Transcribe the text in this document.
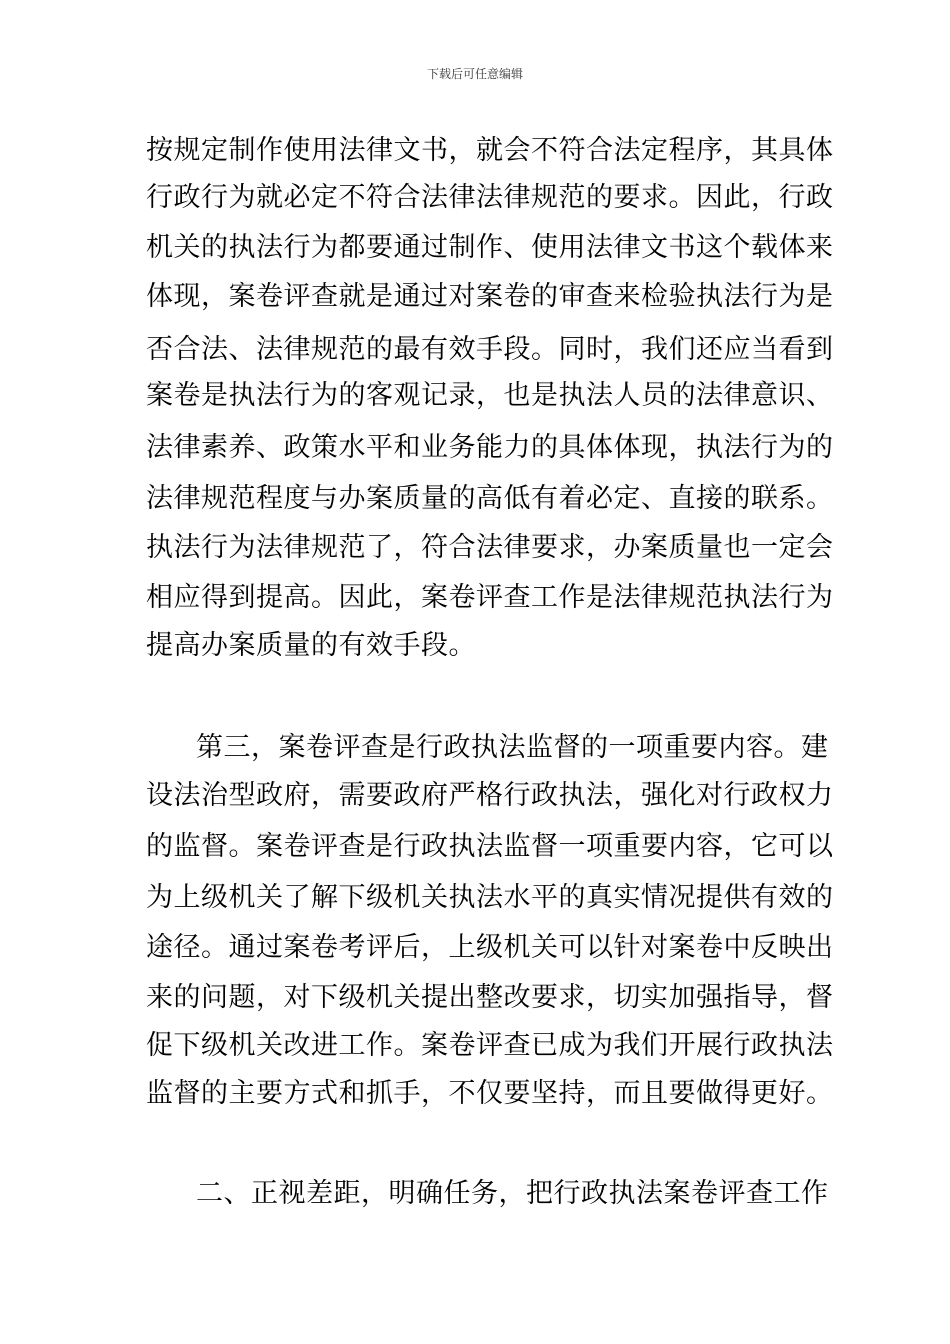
下载后可任意编辑
按规定制作使用法律文书，就会不符合法定程序，其具体
行政行为就必定不符合法律法律规范的要求。因此，行政
机关的执法行为都要通过制作、使用法律文书这个载体来
体现，案卷评查就是通过对案卷的审查来检验执法行为是
否合法、法律规范的最有效手段。同时，我们还应当看到
案卷是执法行为的客观记录，也是执法人员的法律意识、
法律素养、政策水平和业务能力的具体体现，执法行为的
法律规范程度与办案质量的高低有着必定、直接的联系。
执法行为法律规范了，符合法律要求，办案质量也一定会
相应得到提高。因此，案卷评查工作是法律规范执法行为
提高办案质量的有效手段。
第三，案卷评查是行政执法监督的一项重要内容。建
设法治型政府，需要政府严格行政执法，强化对行政权力
的监督。案卷评查是行政执法监督一项重要内容，它可以
为上级机关了解下级机关执法水平的真实情况提供有效的
途径。通过案卷考评后，上级机关可以针对案卷中反映出
来的问题，对下级机关提出整改要求，切实加强指导，督
促下级机关改进工作。案卷评查已成为我们开展行政执法
监督的主要方式和抓手，不仅要坚持，而且要做得更好。
二、正视差距，明确任务，把行政执法案卷评查工作
